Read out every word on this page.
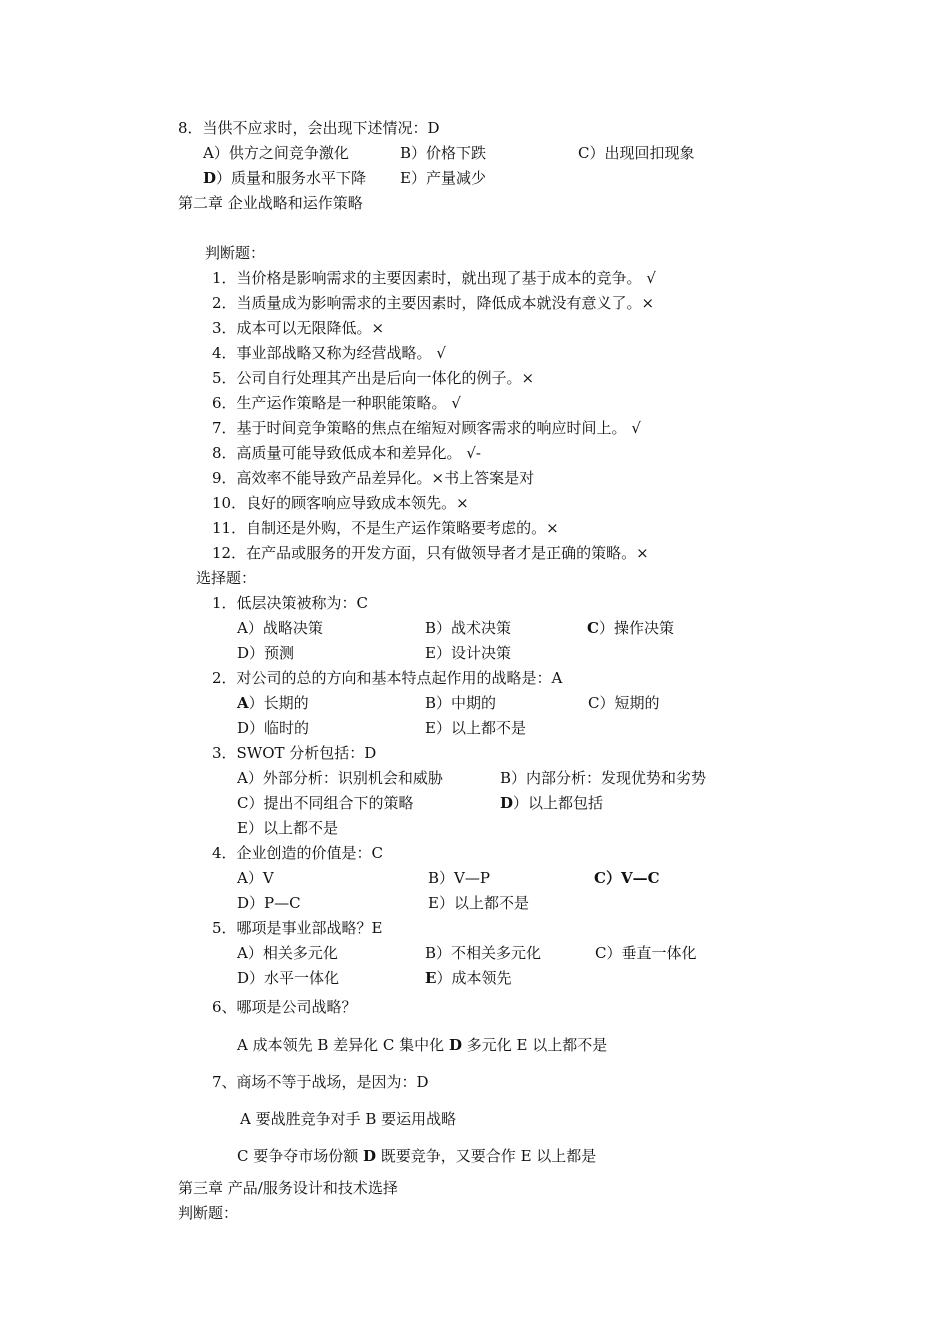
8．当供不应求时，会出现下述情况：D
A）供方之间竞争激化	B）价格下跌	C）出现回扣现象
D）质量和服务水平下降 E）产量减少
第二章 企业战略和运作策略
判断题：
1．当价格是影响需求的主要因素时，就出现了基于成本的竞争。 √
2．当质量成为影响需求的主要因素时，降低成本就没有意义了。×
3．成本可以无限降低。×
4．事业部战略又称为经营战略。 √
5．公司自行处理其产出是后向一体化的例子。×
6．生产运作策略是一种职能策略。 √
7．基于时间竞争策略的焦点在缩短对顾客需求的响应时间上。 √
8．高质量可能导致低成本和差异化。 √-
9．高效率不能导致产品差异化。×书上答案是对
10．良好的顾客响应导致成本领先。×
11．自制还是外购，不是生产运作策略要考虑的。×
12．在产品或服务的开发方面，只有做领导者才是正确的策略。×
选择题：
1．低层决策被称为：C
A）战略决策	B）战术决策	C）操作决策
D）预测	E）设计决策
2．对公司的总的方向和基本特点起作用的战略是：A
A）长期的	B）中期的	C）短期的
D）临时的	E）以上都不是
3．SWOT 分析包括：D
A）外部分析：识别机会和威胁	B）内部分析：发现优势和劣势
C）提出不同组合下的策略	D）以上都包括
E）以上都不是
4．企业创造的价值是：C
A）V	B）V—P	C）V—C
D）P—C	E）以上都不是
5．哪项是事业部战略？E
A）相关多元化	B）不相关多元化	C）垂直一体化
D）水平一体化	E）成本领先
6、哪项是公司战略？
A 成本领先 B 差异化 C 集中化 D 多元化 E 以上都不是
7、商场不等于战场，是因为：D
A 要战胜竞争对手 B 要运用战略
C 要争夺市场份额 D 既要竞争，又要合作 E 以上都是
第三章 产品/服务设计和技术选择
判断题：
